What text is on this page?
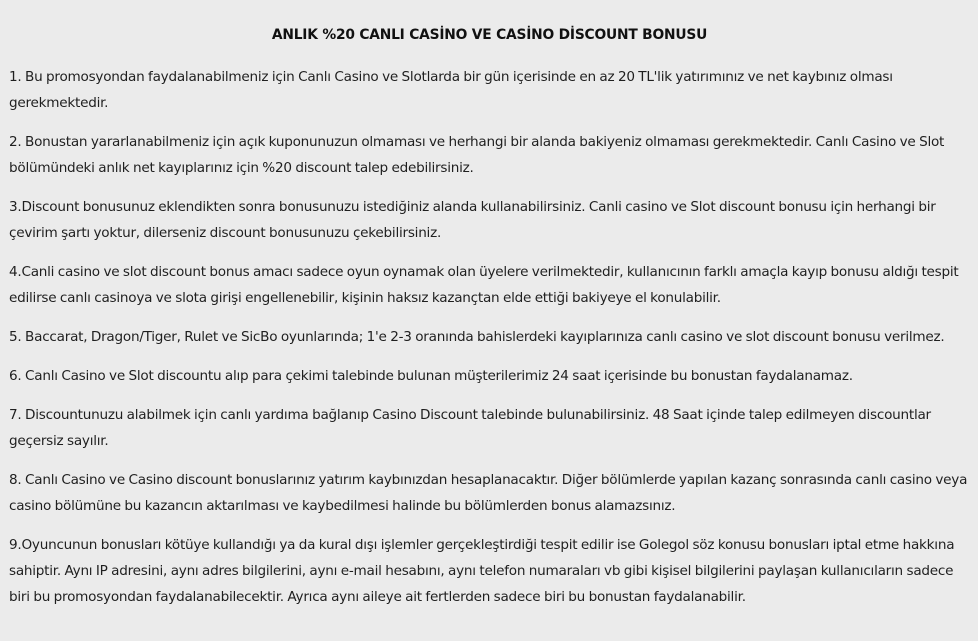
ANLIK %20 CANLI CASİNO VE CASİNO DİSCOUNT BONUSU
1. Bu promosyondan faydalanabilmeniz için Canlı Casino ve Slotlarda bir gün içerisinde en az 20 TL'lik yatırımınız ve net kaybınız olması gerekmektedir.
2. Bonustan yararlanabilmeniz için açık kuponunuzun olmaması ve herhangi bir alanda bakiyeniz olmaması gerekmektedir. Canlı Casino ve Slot bölümündeki anlık net kayıplarınız için %20 discount talep edebilirsiniz.
3.Discount bonusunuz eklendikten sonra bonusunuzu istediğiniz alanda kullanabilirsiniz. Canli casino ve Slot discount bonusu için herhangi bir çevirim şartı yoktur, dilerseniz discount bonusunuzu çekebilirsiniz.
4.Canli casino ve slot discount bonus amacı sadece oyun oynamak olan üyelere verilmektedir, kullanıcının farklı amaçla kayıp bonusu aldığı tespit edilirse canlı casinoya ve slota girişi engellenebilir, kişinin haksız kazançtan elde ettiği bakiyeye el konulabilir.
5. Baccarat, Dragon/Tiger, Rulet ve SicBo oyunlarında; 1'e 2-3 oranında bahislerdeki kayıplarınıza canlı casino ve slot discount bonusu verilmez.
6. Canlı Casino ve Slot discountu alıp para çekimi talebinde bulunan müşterilerimiz 24 saat içerisinde bu bonustan faydalanamaz.
7. Discountunuzu alabilmek için canlı yardıma bağlanıp Casino Discount talebinde bulunabilirsiniz. 48 Saat içinde talep edilmeyen discountlar geçersiz sayılır.
8. Canlı Casino ve Casino discount bonuslarınız yatırım kaybınızdan hesaplanacaktır. Diğer bölümlerde yapılan kazanç sonrasında canlı casino veya casino bölümüne bu kazancın aktarılması ve kaybedilmesi halinde bu bölümlerden bonus alamazsınız.
9.Oyuncunun bonusları kötüye kullandığı ya da kural dışı işlemler gerçekleştirdiği tespit edilir ise Golegol söz konusu bonusları iptal etme hakkına sahiptir. Aynı IP adresini, aynı adres bilgilerini, aynı e-mail hesabını, aynı telefon numaraları vb gibi kişisel bilgilerini paylaşan kullanıcıların sadece biri bu promosyondan faydalanabilecektir. Ayrıca aynı aileye ait fertlerden sadece biri bu bonustan faydalanabilir.
